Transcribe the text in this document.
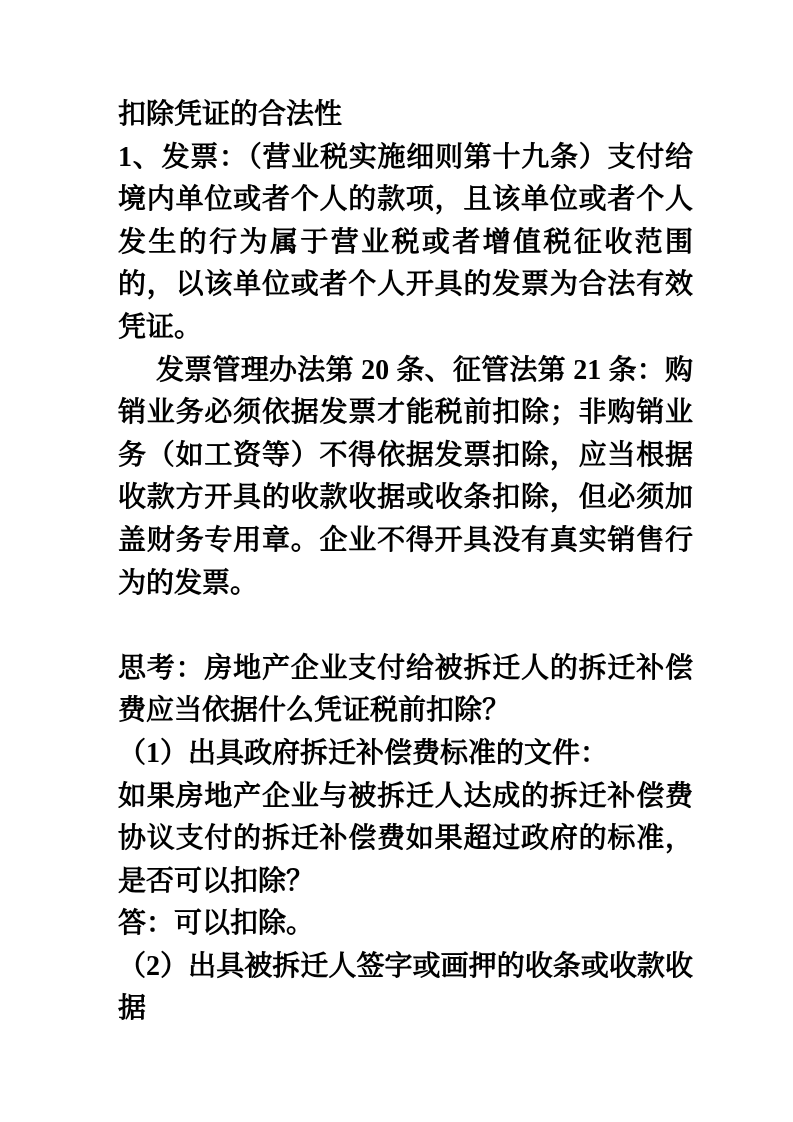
扣除凭证的合法性

1、发票：（营业税实施细则第十九条）支付给境内单位或者个人的款项，且该单位或者个人发生的行为属于营业税或者增值税征收范围的，以该单位或者个人开具的发票为合法有效凭证。

发票管理办法第 20 条、征管法第 21 条：购销业务必须依据发票才能税前扣除；非购销业务（如工资等）不得依据发票扣除，应当根据收款方开具的收款收据或收条扣除，但必须加盖财务专用章。企业不得开具没有真实销售行为的发票。

思考：房地产企业支付给被拆迁人的拆迁补偿费应当依据什么凭证税前扣除？

（1）出具政府拆迁补偿费标准的文件：

如果房地产企业与被拆迁人达成的拆迁补偿费协议支付的拆迁补偿费如果超过政府的标准，是否可以扣除？

答：可以扣除。

（2）出具被拆迁人签字或画押的收条或收款收据
